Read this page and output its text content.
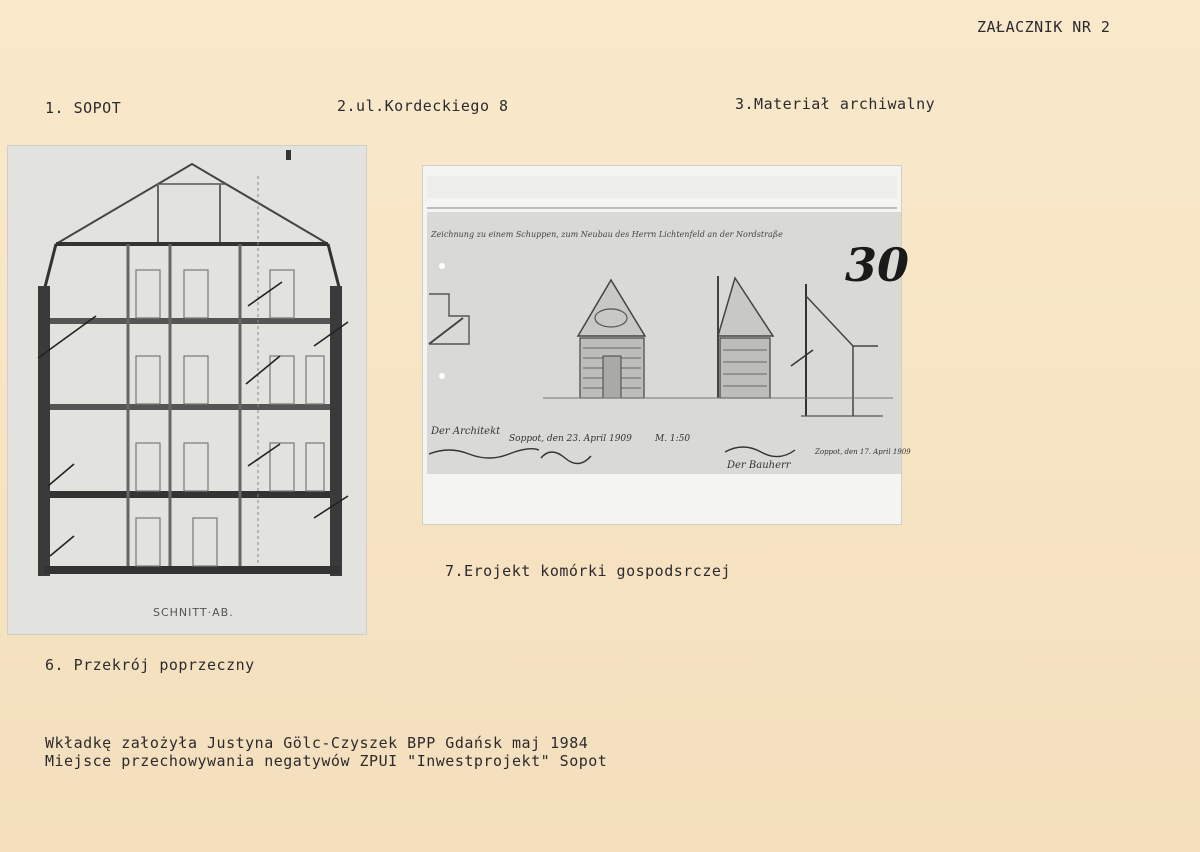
ZAŁACZNIK NR 2
1. SOPOT	2.ul.Kordeckiego 8	3.Materiał archiwalny
SCHNITT·AB.
Zeichnung zu einem Schuppen, zum Neubau des Herrn Lichtenfeld an der Nordstraße
30
Der Architekt
Soppot, den 23. April 1909	M. 1:50
Der Bauherr
Zoppot, den 17. April 1909
6. Przekrój poprzeczny
7.Erojekt komórki gospodsrczej
Wkładkę założyła Justyna Gölc-Czyszek BPP Gdańsk maj 1984
Miejsce przechowywania negatywów ZPUI "Inwestprojekt" Sopot
